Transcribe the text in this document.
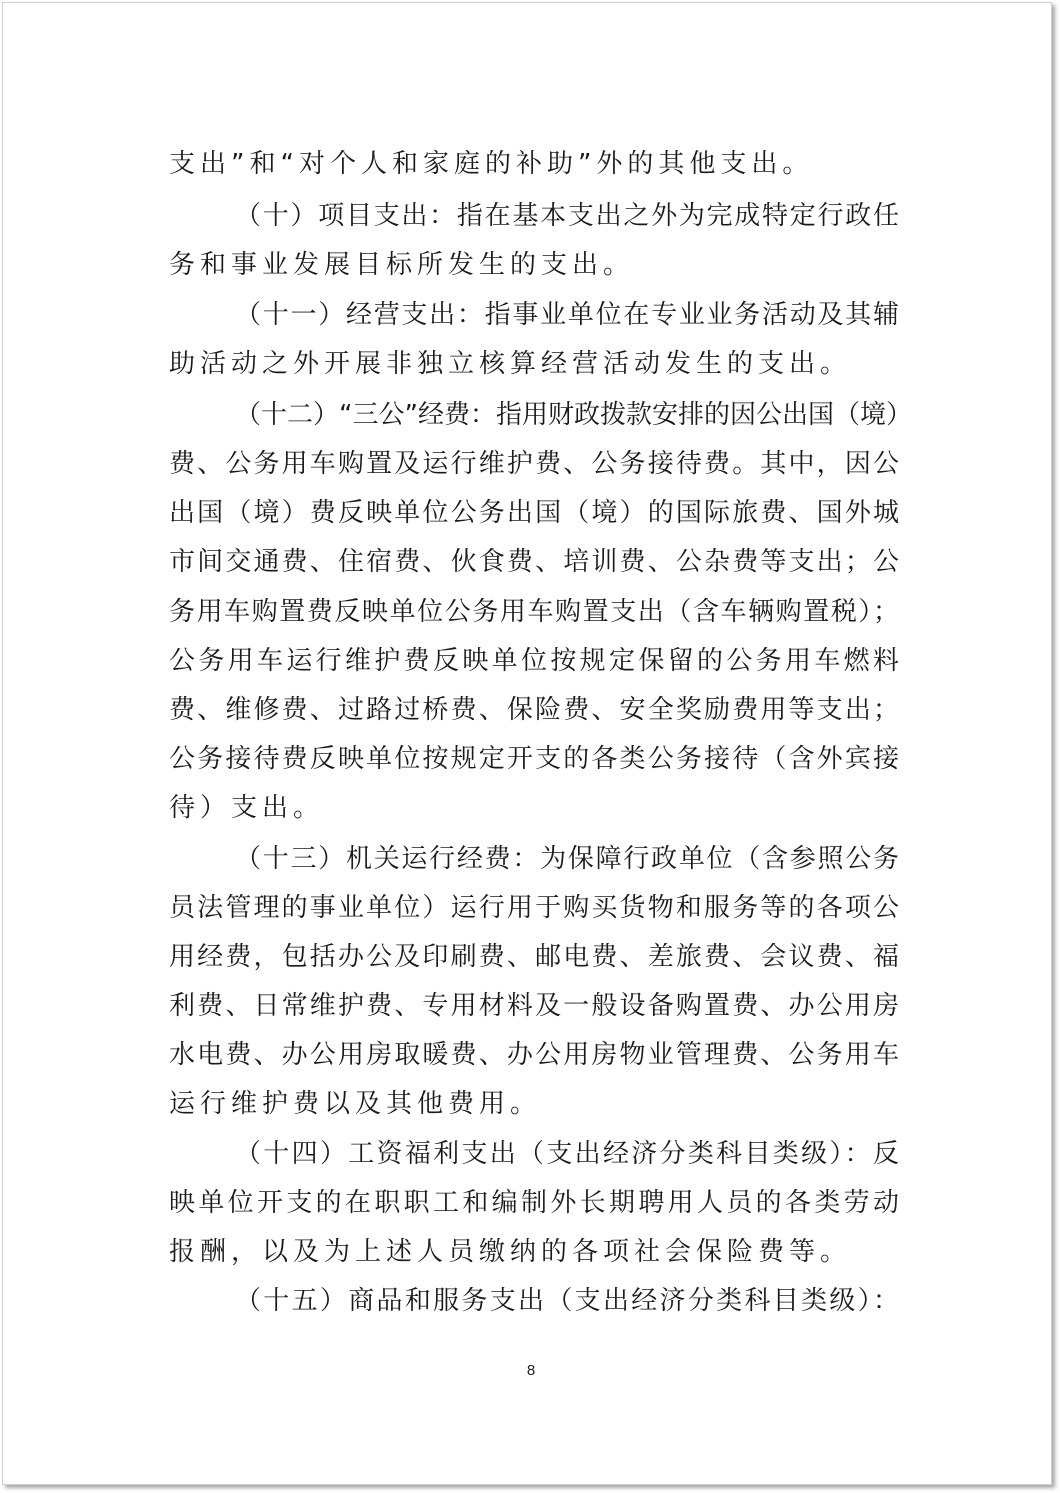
支出”和“对个人和家庭的补助”外的其他支出。
（十）项目支出：指在基本支出之外为完成特定行政任
务和事业发展目标所发生的支出。
（十一）经营支出：指事业单位在专业业务活动及其辅
助活动之外开展非独立核算经营活动发生的支出。
（十二）“三公”经费：指用财政拨款安排的因公出国（境）
费、公务用车购置及运行维护费、公务接待费。其中，因公
出国（境）费反映单位公务出国（境）的国际旅费、国外城
市间交通费、住宿费、伙食费、培训费、公杂费等支出；公
务用车购置费反映单位公务用车购置支出（含车辆购置税）；
公务用车运行维护费反映单位按规定保留的公务用车燃料
费、维修费、过路过桥费、保险费、安全奖励费用等支出；
公务接待费反映单位按规定开支的各类公务接待（含外宾接
待）支出。
（十三）机关运行经费：为保障行政单位（含参照公务
员法管理的事业单位）运行用于购买货物和服务等的各项公
用经费，包括办公及印刷费、邮电费、差旅费、会议费、福
利费、日常维护费、专用材料及一般设备购置费、办公用房
水电费、办公用房取暖费、办公用房物业管理费、公务用车
运行维护费以及其他费用。
（十四）工资福利支出（支出经济分类科目类级）：反
映单位开支的在职职工和编制外长期聘用人员的各类劳动
报酬，以及为上述人员缴纳的各项社会保险费等。
（十五）商品和服务支出（支出经济分类科目类级）：
8
